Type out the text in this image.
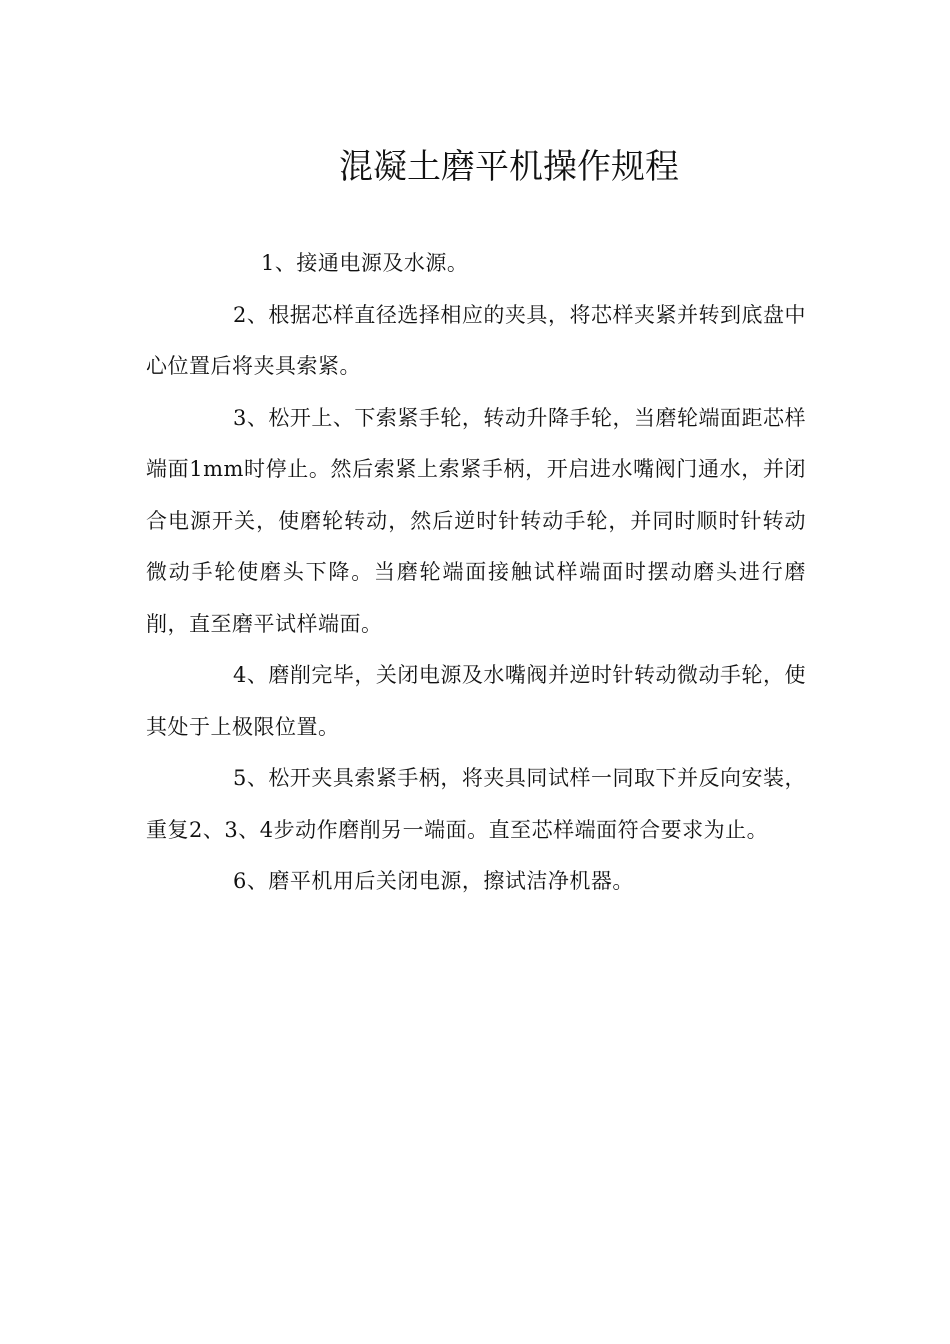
混凝土磨平机操作规程

1、接通电源及水源。

2、根据芯样直径选择相应的夹具，将芯样夹紧并转到底盘中心位置后将夹具索紧。

3、松开上、下索紧手轮，转动升降手轮，当磨轮端面距芯样端面1mm时停止。然后索紧上索紧手柄，开启进水嘴阀门通水，并闭合电源开关，使磨轮转动，然后逆时针转动手轮，并同时顺时针转动微动手轮使磨头下降。当磨轮端面接触试样端面时摆动磨头进行磨削，直至磨平试样端面。

4、磨削完毕，关闭电源及水嘴阀并逆时针转动微动手轮，使其处于上极限位置。

5、松开夹具索紧手柄，将夹具同试样一同取下并反向安装，重复2、3、4步动作磨削另一端面。直至芯样端面符合要求为止。

6、磨平机用后关闭电源，擦试洁净机器。
